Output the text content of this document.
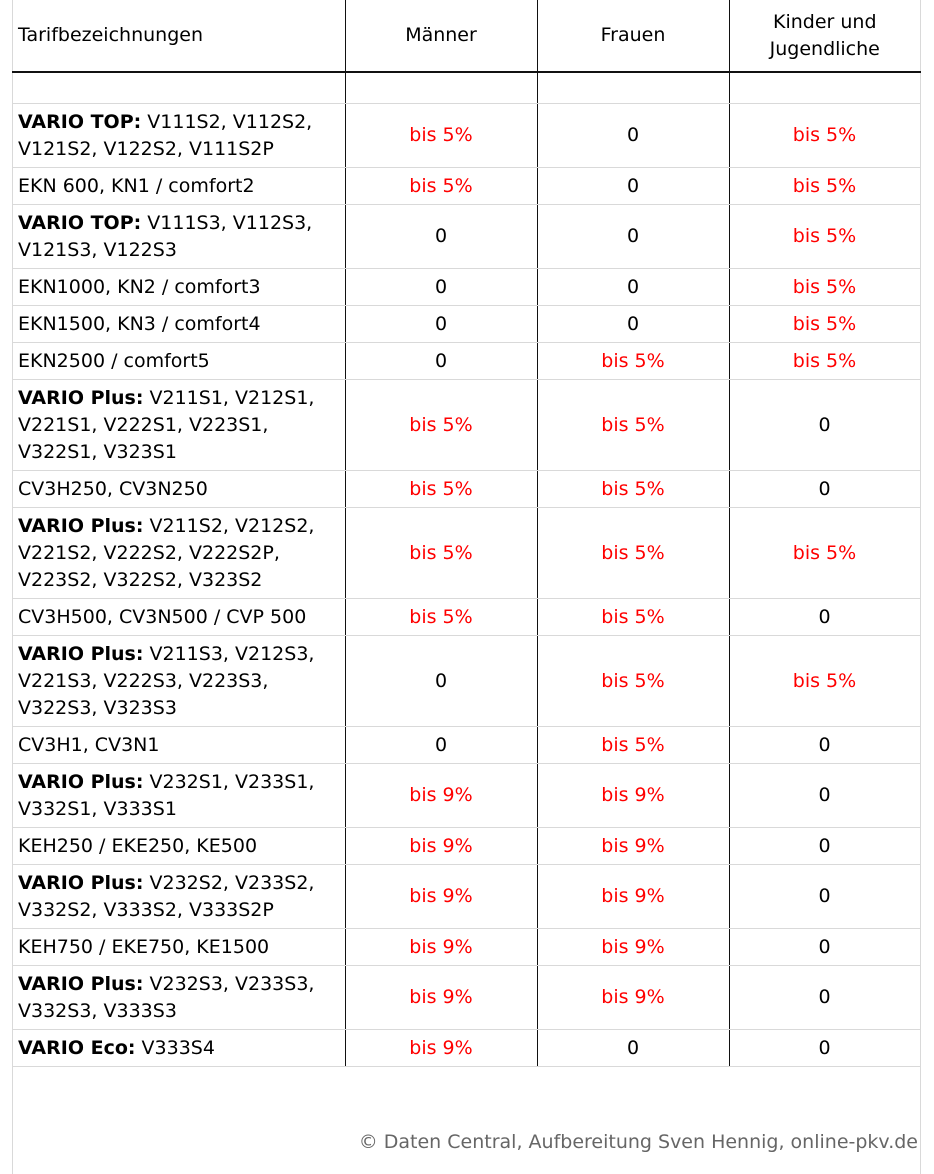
Tarifbezeichnungen	Männer	Frauen	Kinder und
Jugendliche

VARIO TOP: V111S2, V112S2,
V121S2, V122S2, V111S2P	bis 5%	0	bis 5%
EKN 600, KN1 / comfort2	bis 5%	0	bis 5%
VARIO TOP: V111S3, V112S3,
V121S3, V122S3	0	0	bis 5%
EKN1000, KN2 / comfort3	0	0	bis 5%
EKN1500, KN3 / comfort4	0	0	bis 5%
EKN2500 / comfort5	0	bis 5%	bis 5%
VARIO Plus: V211S1, V212S1,
V221S1, V222S1, V223S1,
V322S1, V323S1	bis 5%	bis 5%	0
CV3H250, CV3N250	bis 5%	bis 5%	0
VARIO Plus: V211S2, V212S2,
V221S2, V222S2, V222S2P,
V223S2, V322S2, V323S2	bis 5%	bis 5%	bis 5%
CV3H500, CV3N500 / CVP 500	bis 5%	bis 5%	0
VARIO Plus: V211S3, V212S3,
V221S3, V222S3, V223S3,
V322S3, V323S3	0	bis 5%	bis 5%
CV3H1, CV3N1	0	bis 5%	0
VARIO Plus: V232S1, V233S1,
V332S1, V333S1	bis 9%	bis 9%	0
KEH250 / EKE250, KE500	bis 9%	bis 9%	0
VARIO Plus: V232S2, V233S2,
V332S2, V333S2, V333S2P	bis 9%	bis 9%	0
KEH750 / EKE750, KE1500	bis 9%	bis 9%	0
VARIO Plus: V232S3, V233S3,
V332S3, V333S3	bis 9%	bis 9%	0
VARIO Eco: V333S4	bis 9%	0	0
© Daten Central, Aufbereitung Sven Hennig, online-pkv.de
